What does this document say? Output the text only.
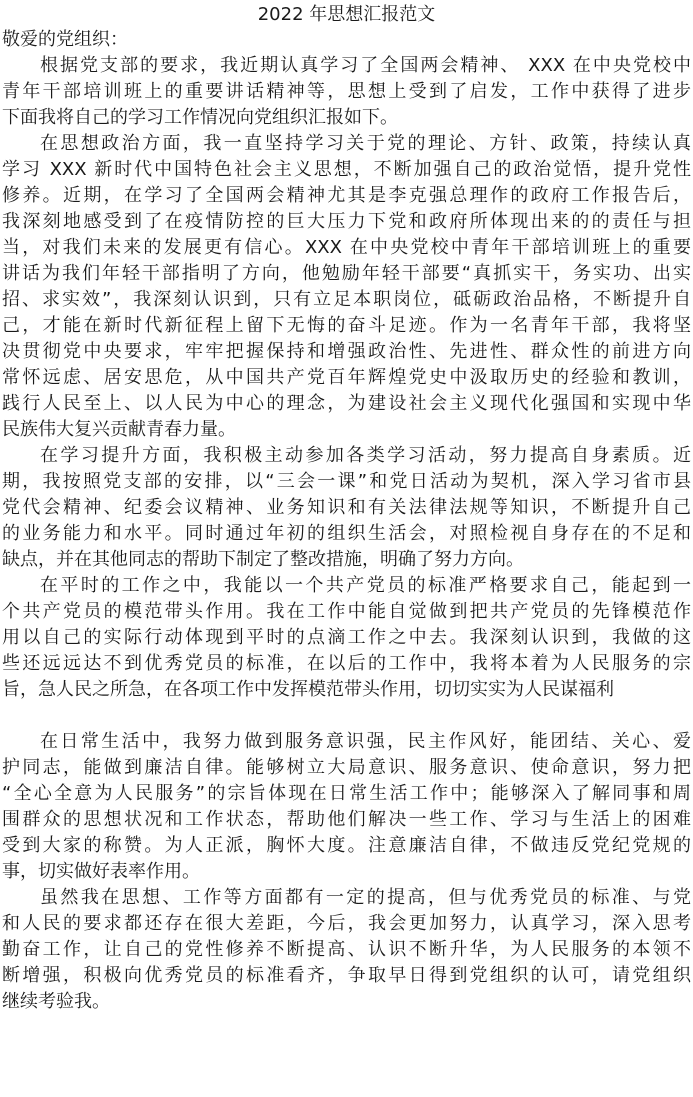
2022 年思想汇报范文
敬爱的党组织：
根据党支部的要求，我近期认真学习了全国两会精神、 XXX 在中央党校中
青年干部培训班上的重要讲话精神等，思想上受到了启发，工作中获得了进步
下面我将自己的学习工作情况向党组织汇报如下。
在思想政治方面，我一直坚持学习关于党的理论、方针、政策，持续认真
学习 XXX 新时代中国特色社会主义思想，不断加强自己的政治觉悟，提升党性
修养。近期，在学习了全国两会精神尤其是李克强总理作的政府工作报告后，
我深刻地感受到了在疫情防控的巨大压力下党和政府所体现出来的的责任与担
当，对我们未来的发展更有信心。XXX 在中央党校中青年干部培训班上的重要
讲话为我们年轻干部指明了方向，他勉励年轻干部要“真抓实干，务实功、出实
招、求实效”，我深刻认识到，只有立足本职岗位，砥砺政治品格，不断提升自
己，才能在新时代新征程上留下无悔的奋斗足迹。作为一名青年干部，我将坚
决贯彻党中央要求，牢牢把握保持和增强政治性、先进性、群众性的前进方向
常怀远虑、居安思危，从中国共产党百年辉煌党史中汲取历史的经验和教训，
践行人民至上、以人民为中心的理念，为建设社会主义现代化强国和实现中华
民族伟大复兴贡献青春力量。
在学习提升方面，我积极主动参加各类学习活动，努力提高自身素质。近
期，我按照党支部的安排，以“三会一课”和党日活动为契机，深入学习省市县
党代会精神、纪委会议精神、业务知识和有关法律法规等知识，不断提升自己
的业务能力和水平。同时通过年初的组织生活会，对照检视自身存在的不足和
缺点，并在其他同志的帮助下制定了整改措施，明确了努力方向。
在平时的工作之中，我能以一个共产党员的标准严格要求自己，能起到一
个共产党员的模范带头作用。我在工作中能自觉做到把共产党员的先锋模范作
用以自己的实际行动体现到平时的点滴工作之中去。我深刻认识到，我做的这
些还远远达不到优秀党员的标准，在以后的工作中，我将本着为人民服务的宗
旨，急人民之所急，在各项工作中发挥模范带头作用，切切实实为人民谋福利
在日常生活中，我努力做到服务意识强，民主作风好，能团结、关心、爱
护同志，能做到廉洁自律。能够树立大局意识、服务意识、使命意识，努力把
“全心全意为人民服务”的宗旨体现在日常生活工作中；能够深入了解同事和周
围群众的思想状况和工作状态，帮助他们解决一些工作、学习与生活上的困难
受到大家的称赞。为人正派，胸怀大度。注意廉洁自律，不做违反党纪党规的
事，切实做好表率作用。
虽然我在思想、工作等方面都有一定的提高，但与优秀党员的标准、与党
和人民的要求都还存在很大差距，今后，我会更加努力，认真学习，深入思考
勤奋工作，让自己的党性修养不断提高、认识不断升华，为人民服务的本领不
断增强，积极向优秀党员的标准看齐，争取早日得到党组织的认可，请党组织
继续考验我。
